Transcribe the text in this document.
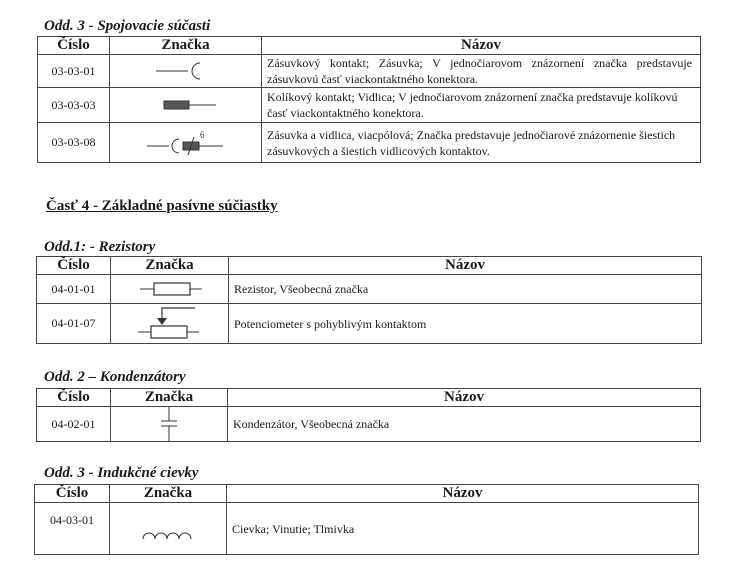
Odd. 3 - Spojovacie súčasti
Číslo	Značka	Názov
03-03-01		Zásuvkový kontakt; Zásuvka; V jednočiarovom znázornení značka predstavuje zásuvkovú časť viackontaktného konektora.
03-03-03		Kolíkový kontakt; Vidlica; V jednočiarovom znázornení značka predstavuje kolíkovú časť viackontaktného konektora.
03-03-08	6	Zásuvka a vidlica, viacpólová; Značka predstavuje jednočiarové znázornenie šiestich zásuvkových a šiestich vidlicových kontaktov.
Časť 4 - Základné pasívne súčiastky
Odd.1: - Rezistory
Číslo	Značka	Názov
04-01-01		Rezistor, Všeobecná značka
04-01-07		Potenciometer s pohyblivým kontaktom
Odd. 2 – Kondenzátory
Číslo	Značka	Názov
04-02-01		Kondenzátor, Všeobecná značka
Odd. 3 - Indukčné cievky
Číslo	Značka	Názov
04-03-01		Cievka; Vinutie; Tlmivka
